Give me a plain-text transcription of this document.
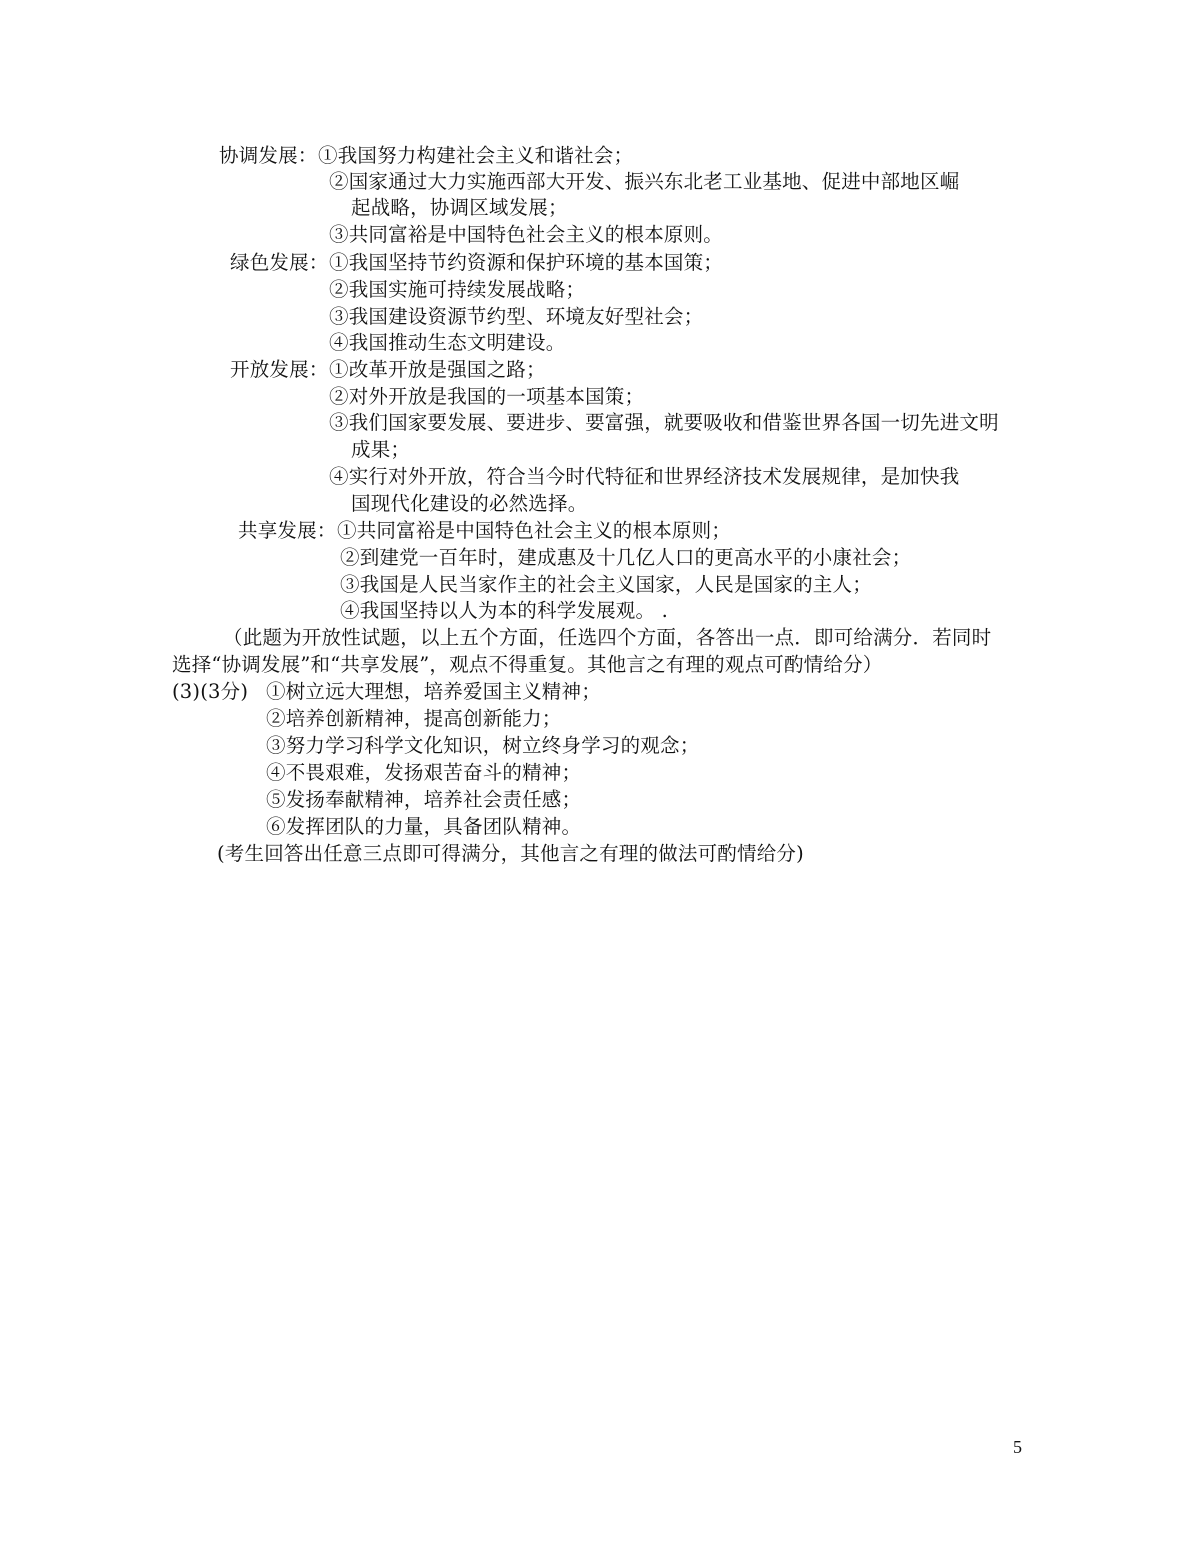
协调发展： ①我国努力构建社会主义和谐社会；
②国家通过大力实施西部大开发、振兴东北老工业基地、促进中部地区崛
起战略，协调区域发展；
③共同富裕是中国特色社会主义的根本原则。
绿色发展： ①我国坚持节约资源和保护环境的基本国策；
②我国实施可持续发展战略；
③我国建设资源节约型、环境友好型社会；
④我国推动生态文明建设。
开放发展： ①改革开放是强国之路；
②对外开放是我国的一项基本国策；
③我们国家要发展、要进步、要富强，就要吸收和借鉴世界各国一切先进文明
成果；
④实行对外开放，符合当今时代特征和世界经济技术发展规律，是加快我
国现代化建设的必然选择。
共享发展： ①共同富裕是中国特色社会主义的根本原则；
②到建党一百年时，建成惠及十几亿人口的更高水平的小康社会；
③我国是人民当家作主的社会主义国家，人民是国家的主人；
④我国坚持以人为本的科学发展观。 .
（此题为开放性试题，以上五个方面，任选四个方面，各答出一点．即可给满分．若同时
选择“协调发展”和“共享发展”，观点不得重复。其他言之有理的观点可酌情给分）
(3)(3分) ①树立远大理想，培养爱国主义精神；
②培养创新精神，提高创新能力；
③努力学习科学文化知识，树立终身学习的观念；
④不畏艰难，发扬艰苦奋斗的精神；
⑤发扬奉献精神，培养社会责任感；
⑥发挥团队的力量，具备团队精神。
(考生回答出任意三点即可得满分，其他言之有理的做法可酌情给分)
5
